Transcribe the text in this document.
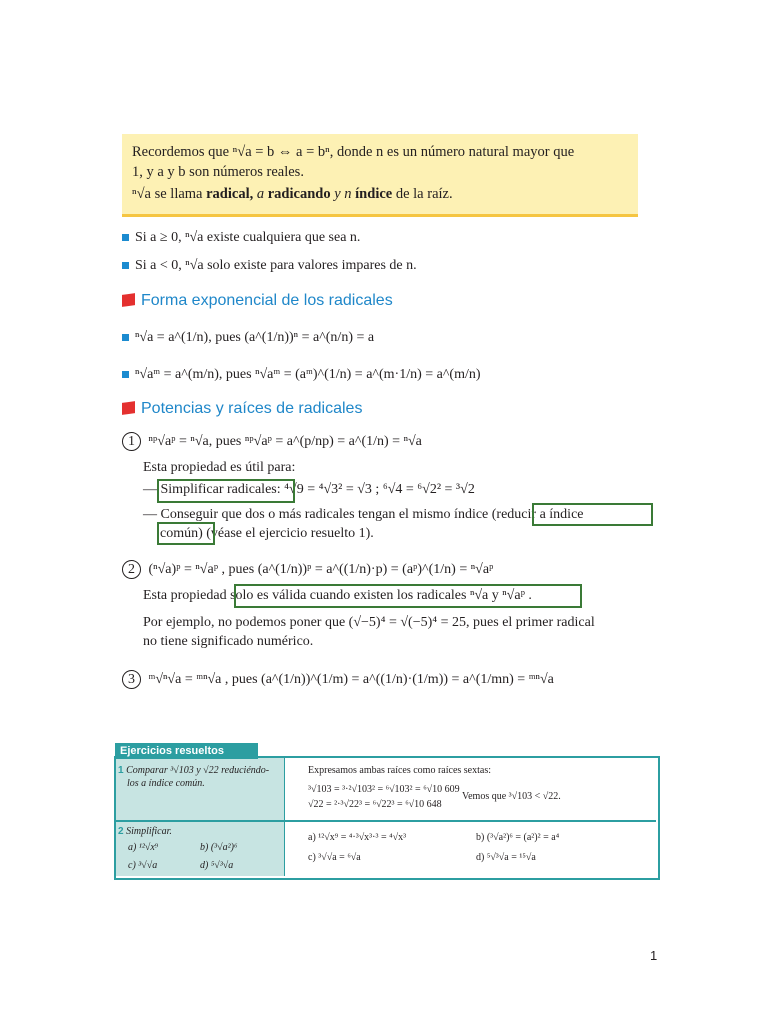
Recordemos que ⁿ√a = b ⇔ a = bⁿ, donde n es un número natural mayor que
1, y a y b son números reales.
ⁿ√a se llama radical, a radicando y n índice de la raíz.
Si a ≥ 0, ⁿ√a existe cualquiera que sea n.
Si a < 0, ⁿ√a solo existe para valores impares de n.
Forma exponencial de los radicales
ⁿ√a = a^(1/n), pues (a^(1/n))ⁿ = a^(n/n) = a
ⁿ√aᵐ = a^(m/n), pues ⁿ√aᵐ = (aᵐ)^(1/n) = a^(m·1/n) = a^(m/n)
Potencias y raíces de radicales
1 ⁿᵖ√aᵖ = ⁿ√a, pues ⁿᵖ√aᵖ = a^(p/np) = a^(1/n) = ⁿ√a
Esta propiedad es útil para:
— Simplificar radicales: ⁴√9 = ⁴√3² = √3 ; ⁶√4 = ⁶√2² = ³√2
— Conseguir que dos o más radicales tengan el mismo índice (reducir a índice
común) (véase el ejercicio resuelto 1).
2 (ⁿ√a)ᵖ = ⁿ√aᵖ , pues (a^(1/n))ᵖ = a^((1/n)·p) = (aᵖ)^(1/n) = ⁿ√aᵖ
Esta propiedad solo es válida cuando existen los radicales ⁿ√a y ⁿ√aᵖ .
Por ejemplo, no podemos poner que (√−5)⁴ = √(−5)⁴ = 25, pues el primer radical
no tiene significado numérico.
3 ᵐ√ⁿ√a = ᵐⁿ√a , pues (a^(1/n))^(1/m) = a^((1/n)·(1/m)) = a^(1/mn) = ᵐⁿ√a
Ejercicios resueltos
1 Comparar ³√103 y √22 reduciéndo-
los a índice común.
Expresamos ambas raíces como raíces sextas:
³√103 = ³·²√103² = ⁶√103² = ⁶√10 609
√22 = ²·³√22³ = ⁶√22³ = ⁶√10 648
Vemos que ³√103 < √22.
2 Simplificar.
a) ¹²√x⁹	b) (³√a²)⁶
c) ³√√a	d) ⁵√³√a
a) ¹²√x⁹ = ⁴·³√x³·³ = ⁴√x³	b) (³√a²)⁶ = (a²)² = a⁴
c) ³√√a = ⁶√a	d) ⁵√³√a = ¹⁵√a
1
